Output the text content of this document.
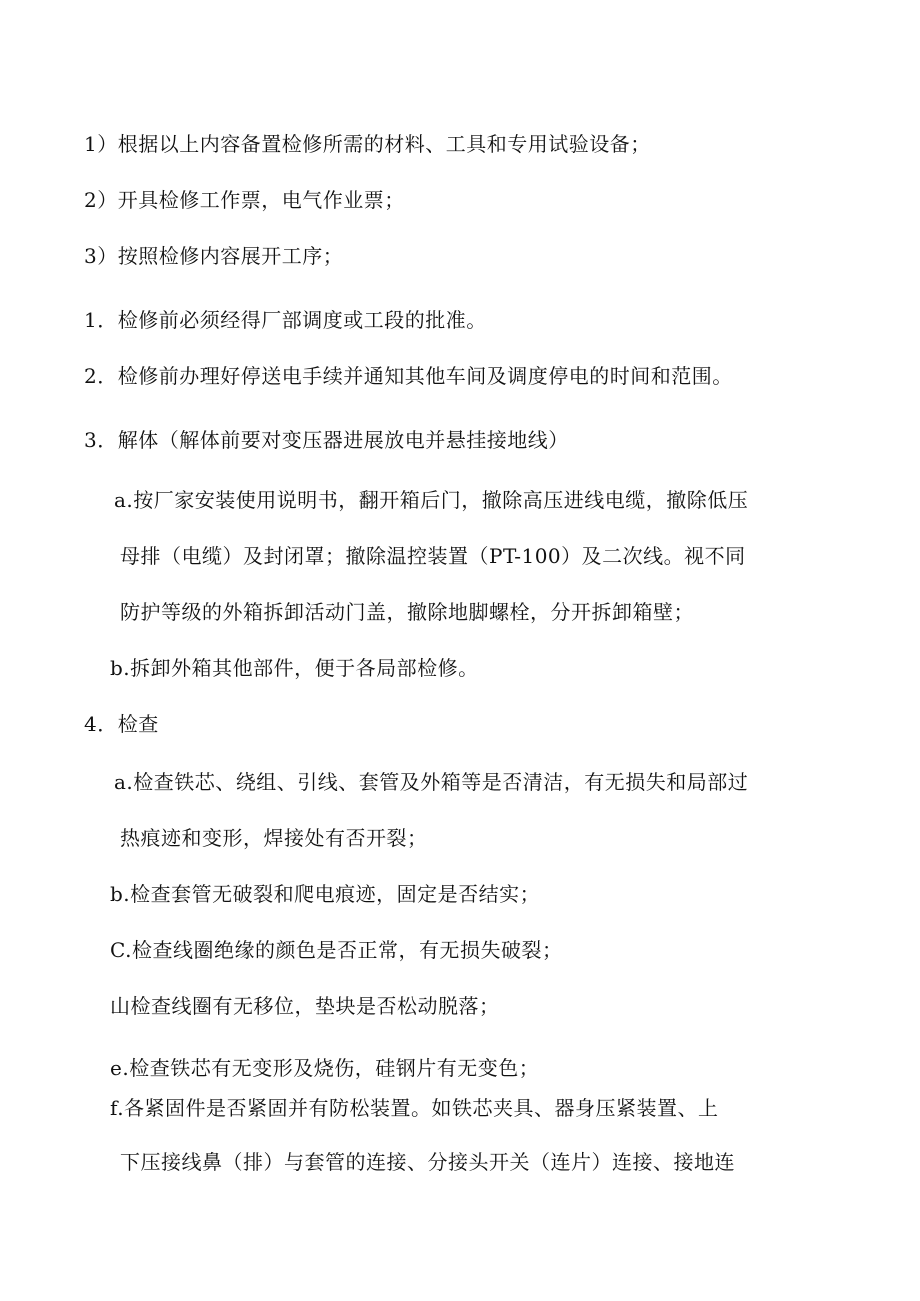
1）根据以上内容备置检修所需的材料、工具和专用试验设备；
2）开具检修工作票，电气作业票；
3）按照检修内容展开工序；
1．检修前必须经得厂部调度或工段的批准。
2．检修前办理好停送电手续并通知其他车间及调度停电的时间和范围。
3．解体（解体前要对变压器进展放电并悬挂接地线）
a.按厂家安装使用说明书，翻开箱后门，撤除高压进线电缆，撤除低压
母排（电缆）及封闭罩；撤除温控装置（PT-100）及二次线。视不同
防护等级的外箱拆卸活动门盖，撤除地脚螺栓，分开拆卸箱壁；
b.拆卸外箱其他部件，便于各局部检修。
4．检查
a.检查铁芯、绕组、引线、套管及外箱等是否清洁，有无损失和局部过
热痕迹和变形，焊接处有否开裂；
b.检查套管无破裂和爬电痕迹，固定是否结实；
C.检查线圈绝缘的颜色是否正常，有无损失破裂；
山检查线圈有无移位，垫块是否松动脱落；
e.检查铁芯有无变形及烧伤，硅钢片有无变色；
f.各紧固件是否紧固并有防松装置。如铁芯夹具、器身压紧装置、上
下压接线鼻（排）与套管的连接、分接头开关（连片）连接、接地连
